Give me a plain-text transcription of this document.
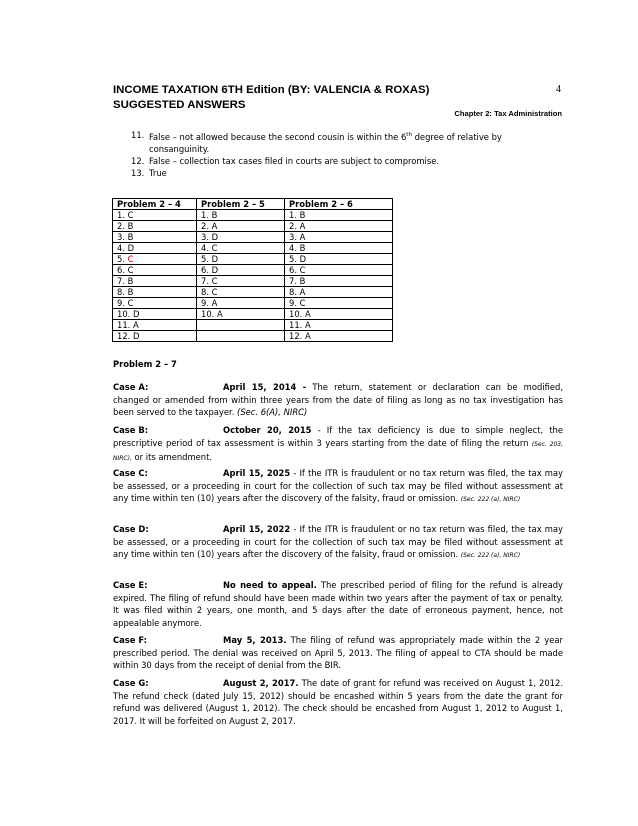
4
INCOME TAXATION 6TH Edition (BY: VALENCIA & ROXAS)
SUGGESTED ANSWERS
Chapter 2: Tax Administration
11. False – not allowed because the second cousin is within the 6th degree of relative by consanguinity.
12. False – collection tax cases filed in courts are subject to compromise.
13. True
Problem 2 – 4	Problem 2 – 5	Problem 2 – 6
1. C	1. B	1. B
2. B	2. A	2. A
3. B	3. D	3. A
4. D	4. C	4. B
5. C	5. D	5. D
6. C	6. D	6. C
7. B	7. C	7. B
8. B	8. C	8. A
9. C	9. A	9. C
10. D	10. A	10. A
11. A		11. A
12. D		12. A
Problem 2 – 7
Case A:	April 15, 2014 - The return, statement or declaration can be modified, changed or amended from within three years from the date of filing as long as no tax investigation has been served to the taxpayer. (Sec. 6(A), NIRC)
Case B:	October 20, 2015 - If the tax deficiency is due to simple neglect, the prescriptive period of tax assessment is within 3 years starting from the date of filing the return (Sec. 203, NIRC), or its amendment.
Case C:	April 15, 2025 - If the ITR is fraudulent or no tax return was filed, the tax may be assessed, or a proceeding in court for the collection of such tax may be filed without assessment at any time within ten (10) years after the discovery of the falsity, fraud or omission. (Sec. 222 (a), NIRC)
Case D:	April 15, 2022 - If the ITR is fraudulent or no tax return was filed, the tax may be assessed, or a proceeding in court for the collection of such tax may be filed without assessment at any time within ten (10) years after the discovery of the falsity, fraud or omission. (Sec. 222 (a), NIRC)
Case E:	No need to appeal. The prescribed period of filing for the refund is already expired. The filing of refund should have been made within two years after the payment of tax or penalty. It was filed within 2 years, one month, and 5 days after the date of erroneous payment, hence, not appealable anymore.
Case F:	May 5, 2013. The filing of refund was appropriately made within the 2 year prescribed period. The denial was received on April 5, 2013. The filing of appeal to CTA should be made within 30 days from the receipt of denial from the BIR.
Case G:	August 2, 2017. The date of grant for refund was received on August 1, 2012. The refund check (dated July 15, 2012) should be encashed within 5 years from the date the grant for refund was delivered (August 1, 2012). The check should be encashed from August 1, 2012 to August 1, 2017. It will be forfeited on August 2, 2017.
